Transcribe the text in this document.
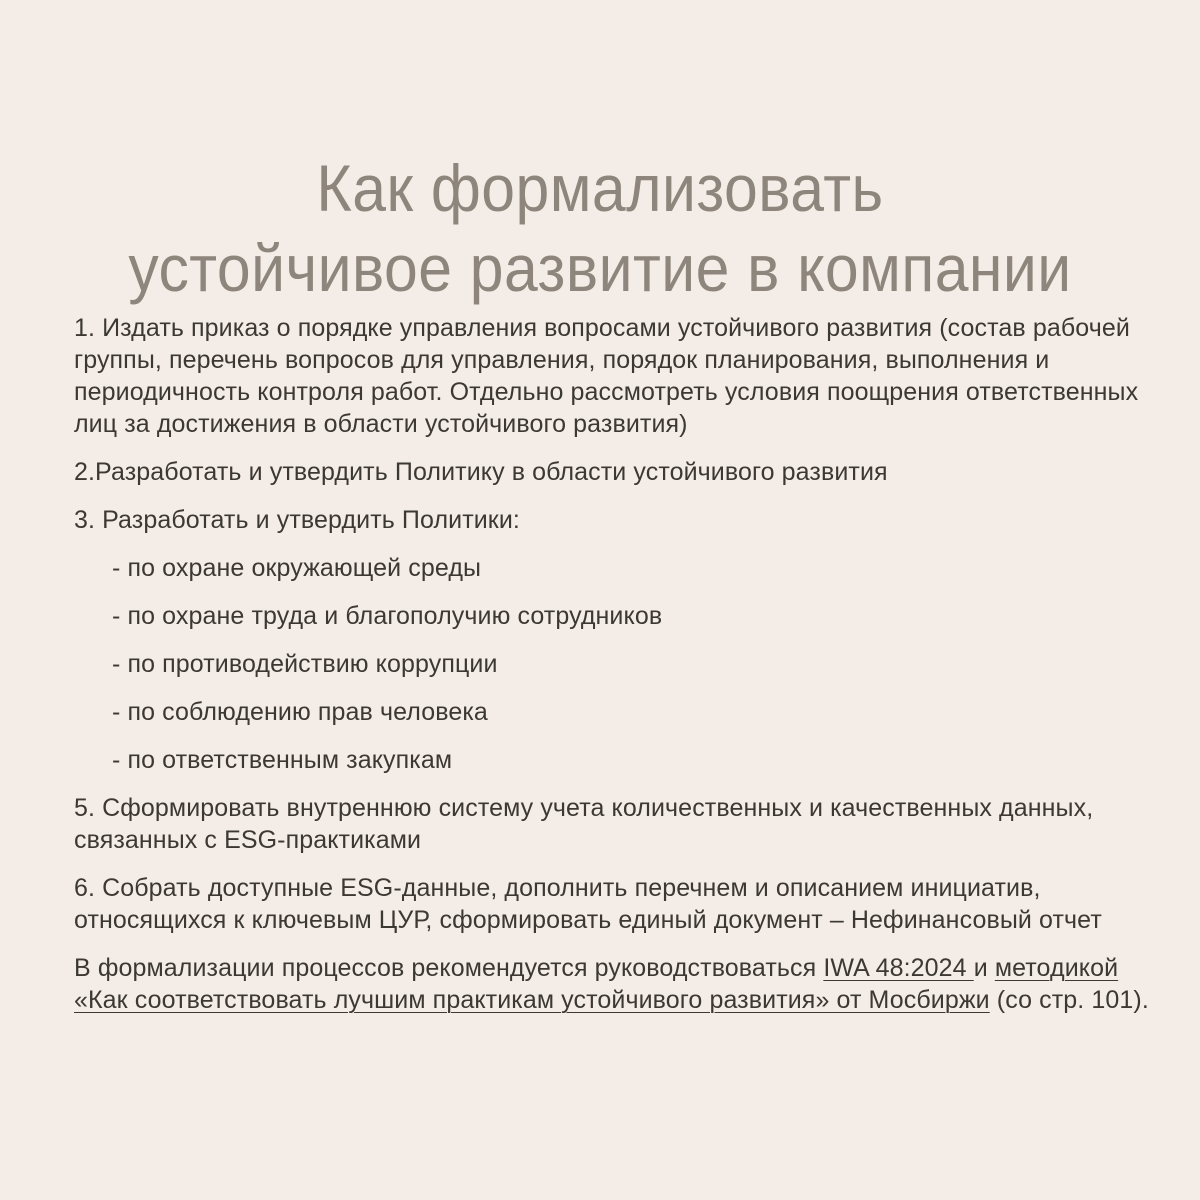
Как формализовать
устойчивое развитие в компании

1. Издать приказ о порядке управления вопросами устойчивого развития (состав рабочей группы, перечень вопросов для управления, порядок планирования, выполнения и периодичность контроля работ. Отдельно рассмотреть условия поощрения ответственных лиц за достижения в области устойчивого развития)

2.Разработать и утвердить Политику в области устойчивого развития

3. Разработать и утвердить Политики:

- по охране окружающей среды

- по охране труда и благополучию сотрудников

- по противодействию коррупции

- по соблюдению прав человека

- по ответственным закупкам

5. Сформировать внутреннюю систему учета количественных и качественных данных, связанных с ESG-практиками

6. Собрать доступные ESG-данные, дополнить перечнем и описанием инициатив, относящихся к ключевым ЦУР, сформировать единый документ – Нефинансовый отчет

В формализации процессов рекомендуется руководствоваться IWA 48:2024 и методикой «Как соответствовать лучшим практикам устойчивого развития» от Мосбиржи (со стр. 101).
